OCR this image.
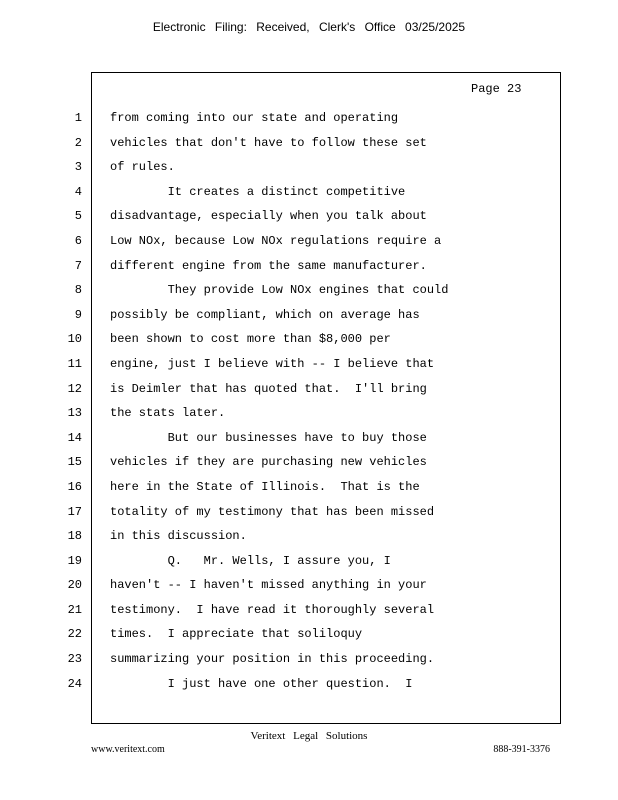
Electronic Filing: Received, Clerk's Office 03/25/2025
Page 23
1 from coming into our state and operating
2 vehicles that don't have to follow these set
3 of rules.
4 It creates a distinct competitive
5 disadvantage, especially when you talk about
6 Low NOx, because Low NOx regulations require a
7 different engine from the same manufacturer.
8 They provide Low NOx engines that could
9 possibly be compliant, which on average has
10 been shown to cost more than $8,000 per
11 engine, just I believe with -- I believe that
12 is Deimler that has quoted that.  I'll bring
13 the stats later.
14 But our businesses have to buy those
15 vehicles if they are purchasing new vehicles
16 here in the State of Illinois.  That is the
17 totality of my testimony that has been missed
18 in this discussion.
19 Q.   Mr. Wells, I assure you, I
20 haven't -- I haven't missed anything in your
21 testimony.  I have read it thoroughly several
22 times.  I appreciate that soliloquy
23 summarizing your position in this proceeding.
24 I just have one other question.  I
Veritext Legal Solutions
www.veritext.com	888-391-3376
